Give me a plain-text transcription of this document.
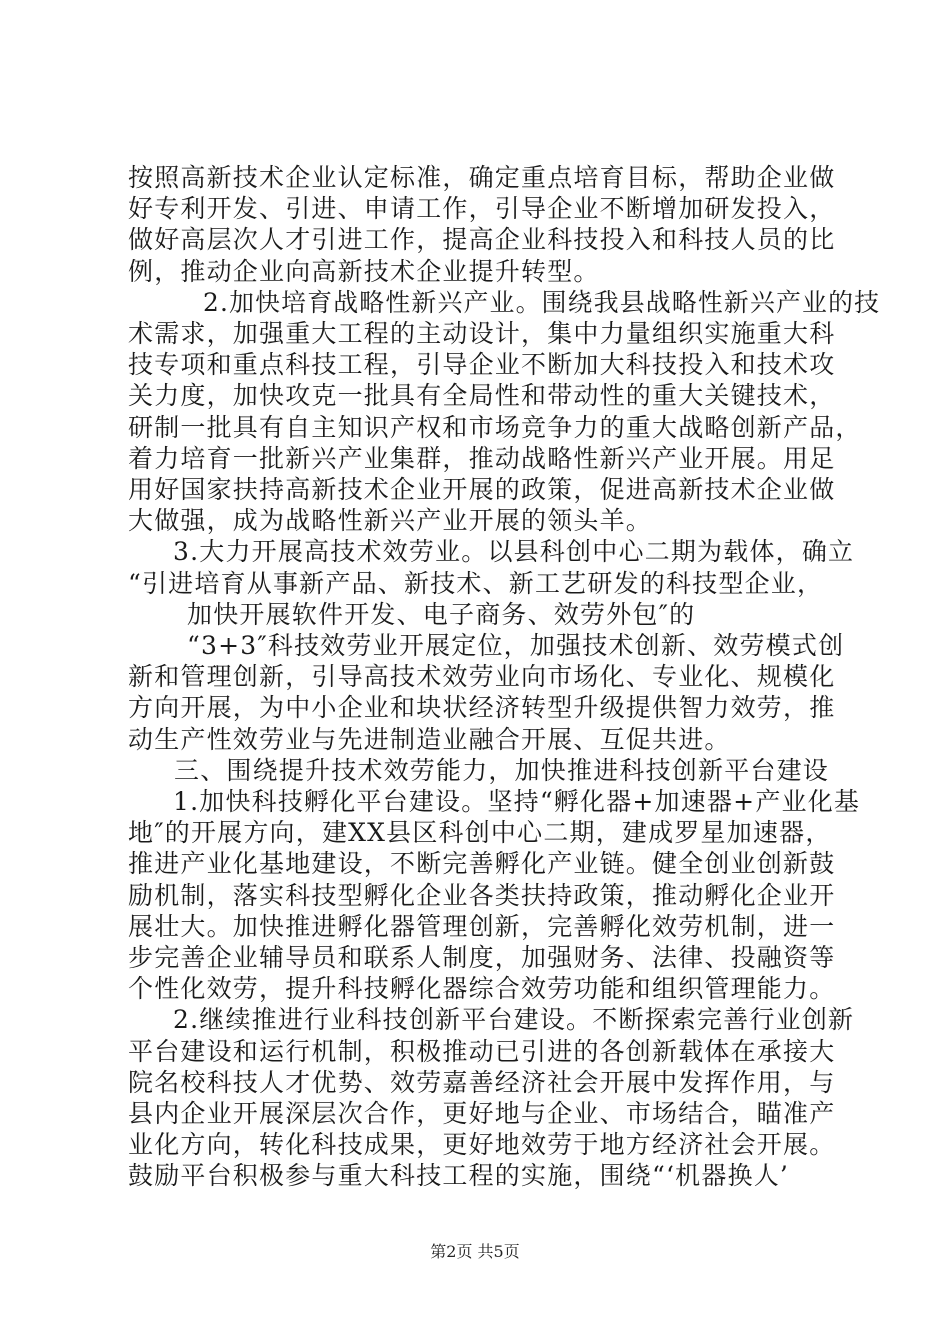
按照高新技术企业认定标准，确定重点培育目标，帮助企业做
好专利开发、引进、申请工作，引导企业不断增加研发投入，
做好高层次人才引进工作，提高企业科技投入和科技人员的比
例，推动企业向高新技术企业提升转型。
2.加快培育战略性新兴产业。围绕我县战略性新兴产业的技
术需求，加强重大工程的主动设计，集中力量组织实施重大科
技专项和重点科技工程，引导企业不断加大科技投入和技术攻
关力度，加快攻克一批具有全局性和带动性的重大关键技术，
研制一批具有自主知识产权和市场竞争力的重大战略创新产品，
着力培育一批新兴产业集群，推动战略性新兴产业开展。用足
用好国家扶持高新技术企业开展的政策，促进高新技术企业做
大做强，成为战略性新兴产业开展的领头羊。
3.大力开展高技术效劳业。以县科创中心二期为载体，确立
“引进培育从事新产品、新技术、新工艺研发的科技型企业，
加快开展软件开发、电子商务、效劳外包″的
“3+3″科技效劳业开展定位，加强技术创新、效劳模式创
新和管理创新，引导高技术效劳业向市场化、专业化、规模化
方向开展，为中小企业和块状经济转型升级提供智力效劳，推
动生产性效劳业与先进制造业融合开展、互促共进。
三、围绕提升技术效劳能力，加快推进科技创新平台建设
1.加快科技孵化平台建设。坚持“孵化器+加速器+产业化基
地″的开展方向，建XX县区科创中心二期，建成罗星加速器，
推进产业化基地建设，不断完善孵化产业链。健全创业创新鼓
励机制，落实科技型孵化企业各类扶持政策，推动孵化企业开
展壮大。加快推进孵化器管理创新，完善孵化效劳机制，进一
步完善企业辅导员和联系人制度，加强财务、法律、投融资等
个性化效劳，提升科技孵化器综合效劳功能和组织管理能力。
2.继续推进行业科技创新平台建设。不断探索完善行业创新
平台建设和运行机制，积极推动已引进的各创新载体在承接大
院名校科技人才优势、效劳嘉善经济社会开展中发挥作用，与
县内企业开展深层次合作，更好地与企业、市场结合，瞄准产
业化方向，转化科技成果，更好地效劳于地方经济社会开展。
鼓励平台积极参与重大科技工程的实施，围绕“‘机器换人’
第2页 共5页
